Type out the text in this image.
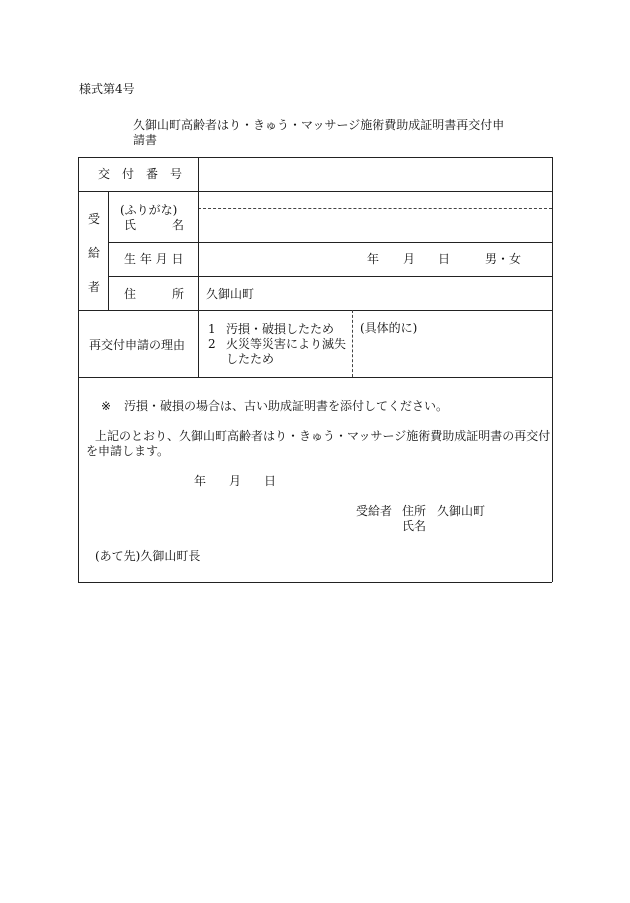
様式第4号
久御山町高齢者はり・きゅう・マッサージ施術費助成証明書再交付申請書
交　付　番　号
受
給
者
(ふりがな)
氏　　　名
生 年 月 日	年 月 日	男・女
住　　　所 久御山町
再交付申請の理由
1 汚損・破損したため
2 火災等災害により滅失
したため
(具体的に)
※ 汚損・破損の場合は、古い助成証明書を添付してください。
上記のとおり、久御山町高齢者はり・きゅう・マッサージ施術費助成証明書の再交付
を申請します。
年 月 日
受給者 住所 久御山町
氏名
(あて先)久御山町長
